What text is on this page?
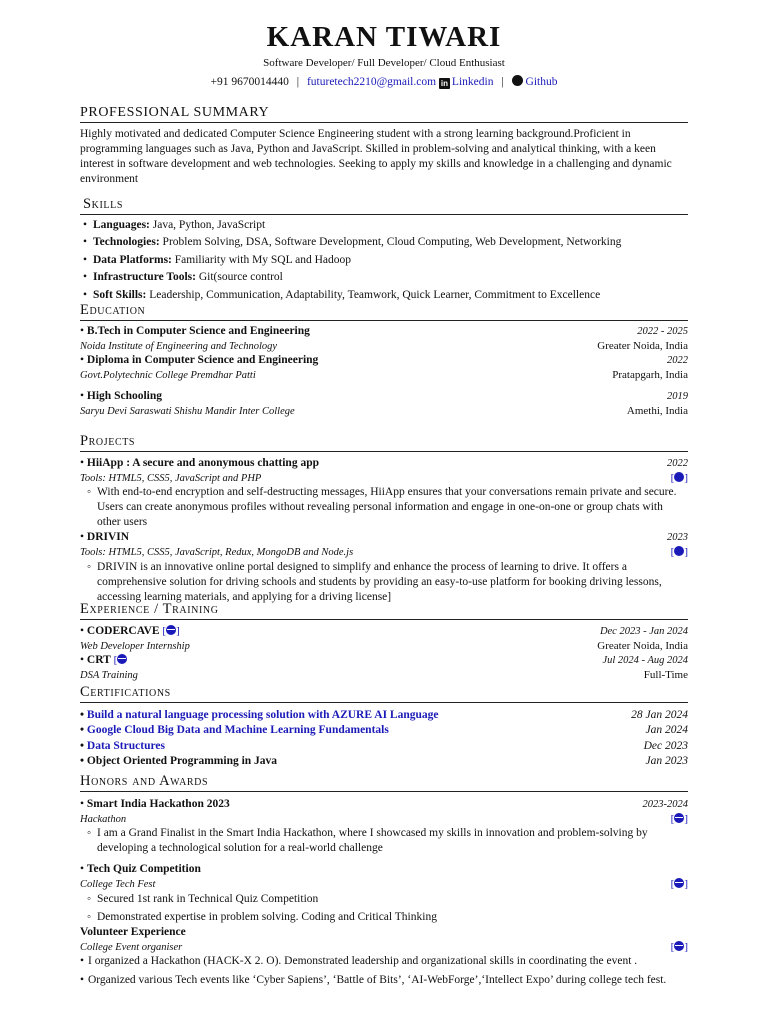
KARAN TIWARI
Software Developer/ Full Developer/ Cloud Enthusiast
+91 9670014440 | futuretech2210@gmail.com in Linkedin | Github
PROFESSIONAL SUMMARY
Highly motivated and dedicated Computer Science Engineering student with a strong learning background.Proficient in programming languages such as Java, Python and JavaScript. Skilled in problem-solving and analytical thinking, with a keen interest in software development and web technologies. Seeking to apply my skills and knowledge in a challenging and dynamic environment
Skills
• Languages: Java, Python, JavaScript
• Technologies: Problem Solving, DSA, Software Development, Cloud Computing, Web Development, Networking
• Data Platforms: Familiarity with My SQL and Hadoop
• Infrastructure Tools: Git(source control
• Soft Skills: Leadership, Communication, Adaptability, Teamwork, Quick Learner, Commitment to Excellence
Education
• B.Tech in Computer Science and Engineering	2022 - 2025
Noida Institute of Engineering and Technology	Greater Noida, India
• Diploma in Computer Science and Engineering	2022
Govt.Polytechnic College Premdhar Patti	Pratapgarh, India
• High Schooling	2019
Saryu Devi Saraswati Shishu Mandir Inter College	Amethi, India
Projects
• HiiApp : A secure and anonymous chatting app	2022
Tools: HTML5, CSS5, JavaScript and PHP	[ ]
◦ With end-to-end encryption and self-destructing messages, HiiApp ensures that your conversations remain private and secure. Users can create anonymous profiles without revealing personal information and engage in one-on-one or group chats with other users
• DRIVIN	2023
Tools: HTML5, CSS5, JavaScript, Redux, MongoDB and Node.js	[ ]
◦ DRIVIN is an innovative online portal designed to simplify and enhance the process of learning to drive. It offers a comprehensive solution for driving schools and students by providing an easy-to-use platform for booking driving lessons, accessing learning materials, and applying for a driving license]
Experience / Training
• CODERCAVE [ ]	Dec 2023 - Jan 2024
Web Developer Internship	Greater Noida, India
• CRT [	Jul 2024 - Aug 2024
DSA Training	Full-Time
Certifications
• Build a natural language processing solution with AZURE AI Language	28 Jan 2024
• Google Cloud Big Data and Machine Learning Fundamentals	Jan 2024
• Data Structures	Dec 2023
• Object Oriented Programming in Java	Jan 2023
Honors and Awards
• Smart India Hackathon 2023	2023-2024
Hackathon	[ ]
◦ I am a Grand Finalist in the Smart India Hackathon, where I showcased my skills in innovation and problem-solving by developing a technological solution for a real-world challenge
• Tech Quiz Competition
College Tech Fest	[ ]
◦ Secured 1st rank in Technical Quiz Competition
◦ Demonstrated expertise in problem solving. Coding and Critical Thinking
Volunteer Experience
College Event organiser	[ ]
• I organized a Hackathon (HACK-X 2. O). Demonstrated leadership and organizational skills in coordinating the event .
• Organized various Tech events like ‘Cyber Sapiens’, ‘Battle of Bits’, ‘AI-WebForge’,‘Intellect Expo’ during college tech fest.
